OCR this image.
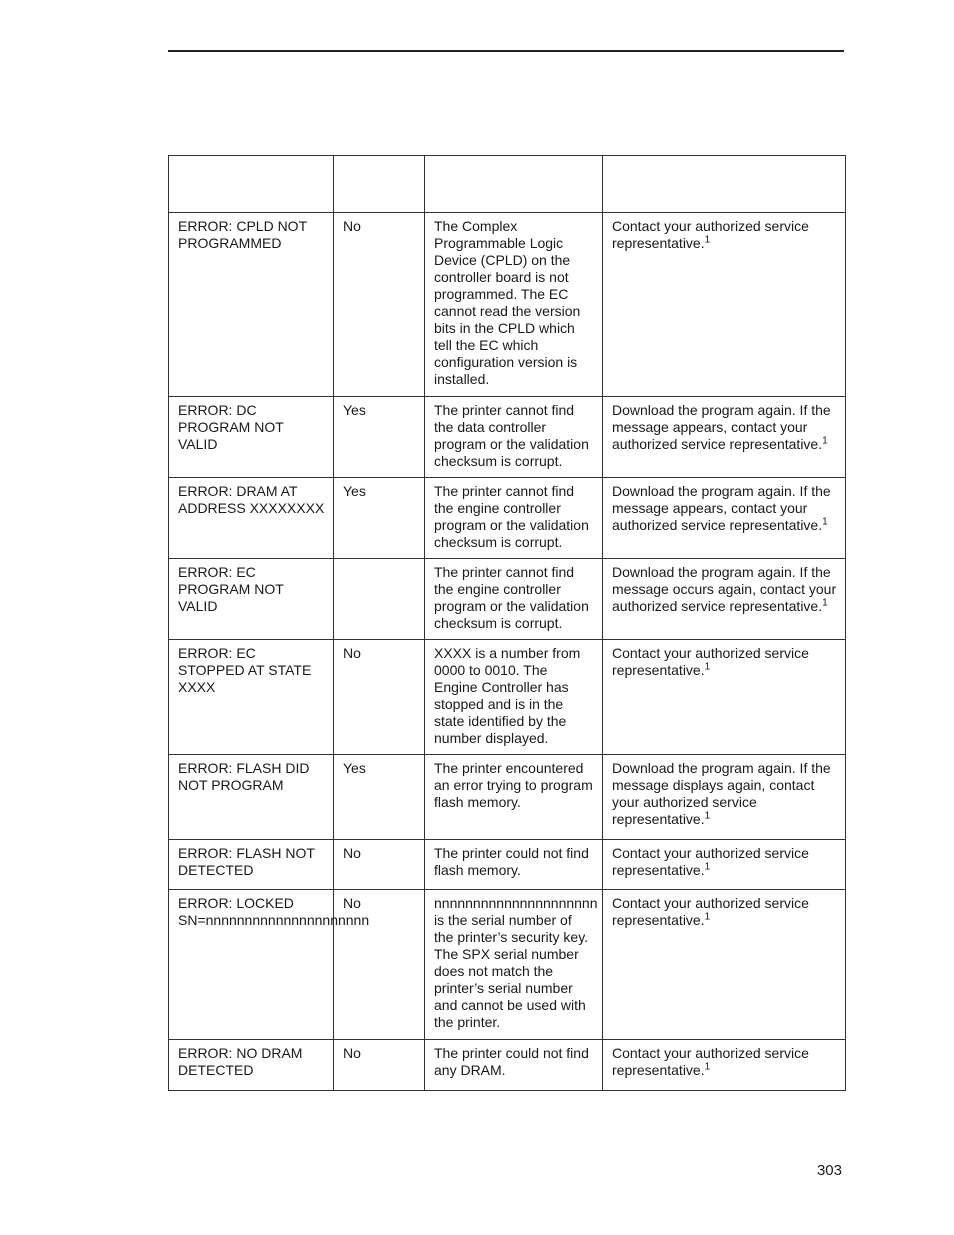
ERROR: CPLD NOT PROGRAMMED	No	The Complex Programmable Logic Device (CPLD) on the controller board is not programmed. The EC cannot read the version bits in the CPLD which tell the EC which configuration version is installed.	Contact your authorized service representative.$^1$
ERROR: DC PROGRAM NOT VALID	Yes	The printer cannot find the data controller program or the validation checksum is corrupt.	Download the program again. If the message appears, contact your authorized service representative.$^1$
ERROR: DRAM AT ADDRESS XXXXXXXX	Yes	The printer cannot find the engine controller program or the validation checksum is corrupt.	Download the program again. If the message appears, contact your authorized service representative.$^1$
ERROR: EC PROGRAM NOT VALID		The printer cannot find the engine controller program or the validation checksum is corrupt.	Download the program again. If the message occurs again, contact your authorized service representative.$^1$
ERROR: EC STOPPED AT STATE XXXX	No	XXXX is a number from 0000 to 0010. The Engine Controller has stopped and is in the state identified by the number displayed.	Contact your authorized service representative.$^1$
ERROR: FLASH DID NOT PROGRAM	Yes	The printer encountered an error trying to program flash memory.	Download the program again. If the message displays again, contact your authorized service representative.$^1$
ERROR: FLASH NOT DETECTED	No	The printer could not find flash memory.	Contact your authorized service representative.$^1$
ERROR: LOCKED SN=nnnnnnnnnnnnnnnnnnnnn	No	nnnnnnnnnnnnnnnnnnnnn is the serial number of the printer’s security key. The SPX serial number does not match the printer’s serial number and cannot be used with the printer.	Contact your authorized service representative.$^1$
ERROR: NO DRAM DETECTED	No	The printer could not find any DRAM.	Contact your authorized service representative.$^1$
303
